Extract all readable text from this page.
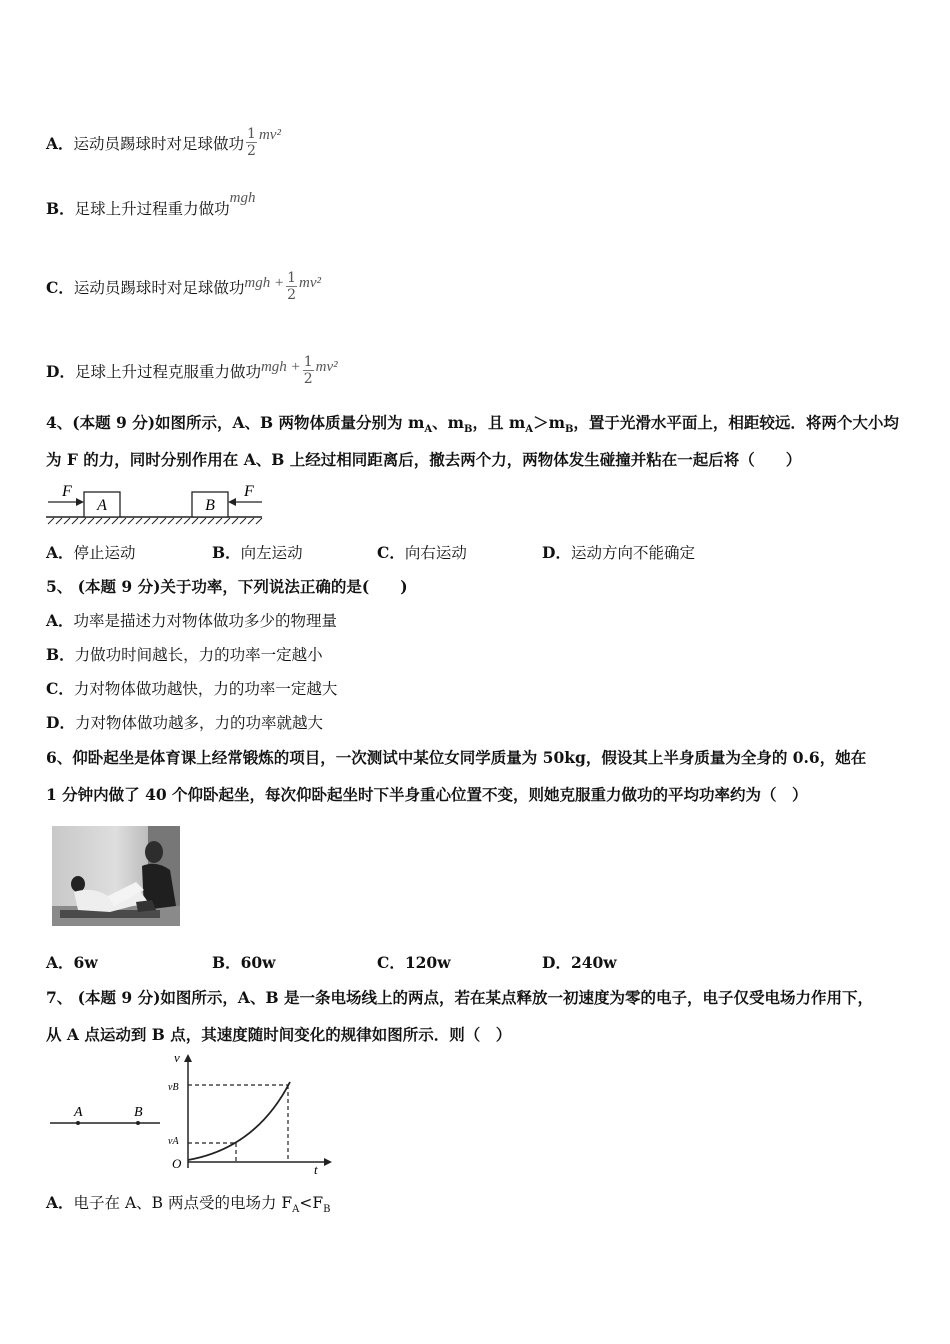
A．运动员踢球时对足球做功 $\frac{1}{2} mv^2$
B．足球上升过程重力做功mgh
C．运动员踢球时对足球做功mgh + $\frac{1}{2} mv^2$
D．足球上升过程克服重力做功mgh + $\frac{1}{2} mv^2$
4、(本题 9 分)如图所示，A、B 两物体质量分别为 $m_A$、$m_B$，且 $m_A>m_B$，置于光滑水平面上，相距较远．将两个大小均
为 F 的力，同时分别作用在 A、B 上经过相同距离后，撤去两个力，两物体发生碰撞并粘在一起后将（　　）
A	B
F	F
A．停止运动	B．向左运动	C．向右运动	D．运动方向不能确定
5、 (本题 9 分)关于功率，下列说法正确的是(　　)
A．功率是描述力对物体做功多少的物理量
B．力做功时间越长，力的功率一定越小
C．力对物体做功越快，力的功率一定越大
D．力对物体做功越多，力的功率就越大
6、仰卧起坐是体育课上经常锻炼的项目，一次测试中某位女同学质量为 50kg，假设其上半身质量为全身的 0.6，她在
1 分钟内做了 40 个仰卧起坐，每次仰卧起坐时下半身重心位置不变，则她克服重力做功的平均功率约为（　）
A．6w	B．60w	C．120w	D．240w
7、 (本题 9 分)如图所示，A、B 是一条电场线上的两点，若在某点释放一初速度为零的电子，电子仅受电场力作用下，
从 A 点运动到 B 点，其速度随时间变化的规律如图所示．则（　）
A	B
v
t
O
vB
vA
A．电子在 A、B 两点受的电场力 $F_A<F_B$
